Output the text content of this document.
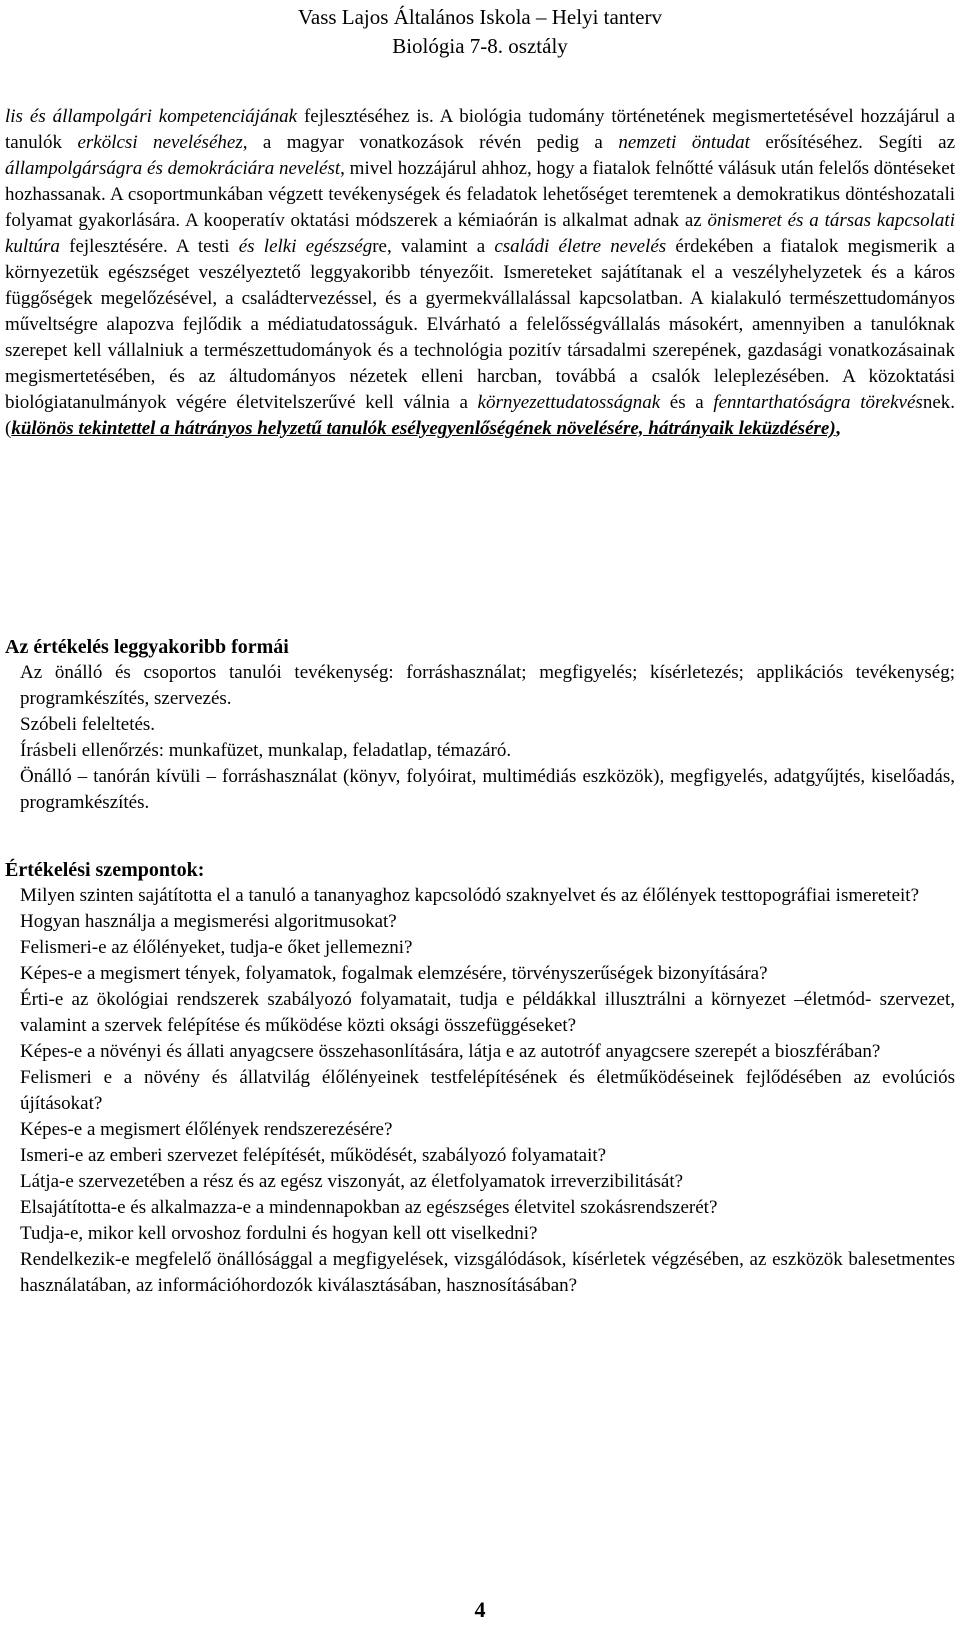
Vass Lajos Általános Iskola – Helyi tanterv
Biológia 7-8. osztály
lis és állampolgári kompetenciájának fejlesztéséhez is. A biológia tudomány történetének megismertetésével hozzájárul a tanulók erkölcsi neveléséhez, a magyar vonatkozások révén pedig a nemzeti öntudat erősítéséhez. Segíti az állampolgárságra és demokráciára nevelést, mivel hozzájárul ahhoz, hogy a fiatalok felnőtté válásuk után felelős döntéseket hozhassanak. A csoportmunkában végzett tevékenységek és feladatok lehetőséget teremtenek a demokratikus döntéshozatali folyamat gyakorlására. A kooperatív oktatási módszerek a kémiaórán is alkalmat adnak az önismeret és a társas kapcsolati kultúra fejlesztésére. A testi és lelki egészségre, valamint a családi életre nevelés érdekében a fiatalok megismerik a környezetük egészséget veszélyeztető leggyakoribb tényezőit. Ismereteket sajátítanak el a veszélyhelyzetek és a káros függőségek megelőzésével, a családtervezéssel, és a gyermekvállalással kapcsolatban. A kialakuló természettudományos műveltségre alapozva fejlődik a médiatudatosságuk. Elvárható a felelősségvállalás másokért, amennyiben a tanulóknak szerepet kell vállalniuk a természettudományok és a technológia pozitív társadalmi szerepének, gazdasági vonatkozásainak megismertetésében, és az áltudományos nézetek elleni harcban, továbbá a csalók leleplezésében. A közoktatási biológiatanulmányok végére életvitelszerűvé kell válnia a környezettudatosságnak és a fenntarthatóságra törekvésnek. (különös tekintettel a hátrányos helyzetű tanulók esélyegyenlőségének növelésére, hátrányaik leküzdésére),
Az értékelés leggyakoribb formái
Az önálló és csoportos tanulói tevékenység: forráshasználat; megfigyelés; kísérletezés; applikációs tevékenység; programkészítés, szervezés.
Szóbeli feleltetés.
Írásbeli ellenőrzés: munkafüzet, munkalap, feladatlap, témazáró.
Önálló – tanórán kívüli – forráshasználat (könyv, folyóirat, multimédiás eszközök), megfigyelés, adatgyűjtés, kiselőadás, programkészítés.
Értékelési szempontok:
Milyen szinten sajátította el a tanuló a tananyaghoz kapcsolódó szaknyelvet és az élőlények testtopográfiai ismereteit?
Hogyan használja a megismerési algoritmusokat?
Felismeri-e az élőlényeket, tudja-e őket jellemezni?
Képes-e a megismert tények, folyamatok, fogalmak elemzésére, törvényszerűségek bizonyítására?
Érti-e az ökológiai rendszerek szabályozó folyamatait, tudja e példákkal illusztrálni a környezet –életmód- szervezet, valamint a szervek felépítése és működése közti oksági összefüggéseket?
Képes-e a növényi és állati anyagcsere összehasonlítására, látja e az autotróf anyagcsere szerepét a bioszférában?
Felismeri e a növény és állatvilág élőlényeinek testfelépítésének és életműködéseinek fejlődésében az evolúciós újításokat?
Képes-e a megismert élőlények rendszerezésére?
Ismeri-e az emberi szervezet felépítését, működését, szabályozó folyamatait?
Látja-e szervezetében a rész és az egész viszonyát, az életfolyamatok irreverzibilitását?
Elsajátította-e és alkalmazza-e a mindennapokban az egészséges életvitel szokásrendszerét?
Tudja-e, mikor kell orvoshoz fordulni és hogyan kell ott viselkedni?
Rendelkezik-e megfelelő önállósággal a megfigyelések, vizsgálódások, kísérletek végzésében, az eszközök balesetmentes használatában, az információhordozók kiválasztásában, hasznosításában?
4
